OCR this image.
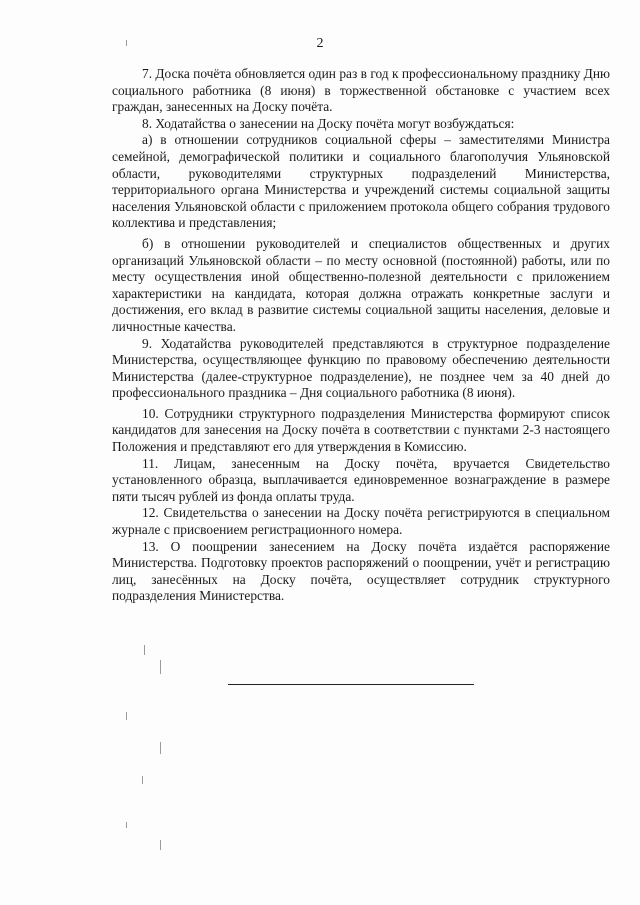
2

7. Доска почёта обновляется один раз в год к профессиональному празднику Дню социального работника (8 июня) в торжественной обстановке с участием всех граждан, занесенных на Доску почёта.

8. Ходатайства о занесении на Доску почёта могут возбуждаться:

а) в отношении сотрудников социальной сферы – заместителями Министра семейной, демографической политики и социального благополучия Ульяновской области, руководителями структурных подразделений Министерства, территориального органа Министерства и учреждений системы социальной защиты населения Ульяновской области с приложением протокола общего собрания трудового коллектива и представления;

б) в отношении руководителей и специалистов общественных и других организаций Ульяновской области – по месту основной (постоянной) работы, или по месту осуществления иной общественно-полезной деятельности с приложением характеристики на кандидата, которая должна отражать конкретные заслуги и достижения, его вклад в развитие системы социальной защиты населения, деловые и личностные качества.

9. Ходатайства руководителей представляются в структурное подразделение Министерства, осуществляющее функцию по правовому обеспечению деятельности Министерства (далее-структурное подразделение), не позднее чем за 40 дней до профессионального праздника – Дня социального работника (8 июня).

10. Сотрудники структурного подразделения Министерства формируют список кандидатов для занесения на Доску почёта в соответствии с пунктами 2-3 настоящего Положения и представляют его для утверждения в Комиссию.

11. Лицам, занесенным на Доску почёта, вручается Свидетельство установленного образца, выплачивается единовременное вознаграждение в размере пяти тысяч рублей из фонда оплаты труда.

12. Свидетельства о занесении на Доску почёта регистрируются в специальном журнале с присвоением регистрационного номера.

13. О поощрении занесением на Доску почёта издаётся распоряжение Министерства. Подготовку проектов распоряжений о поощрении, учёт и регистрацию лиц, занесённых на Доску почёта, осуществляет сотрудник структурного подразделения Министерства.
